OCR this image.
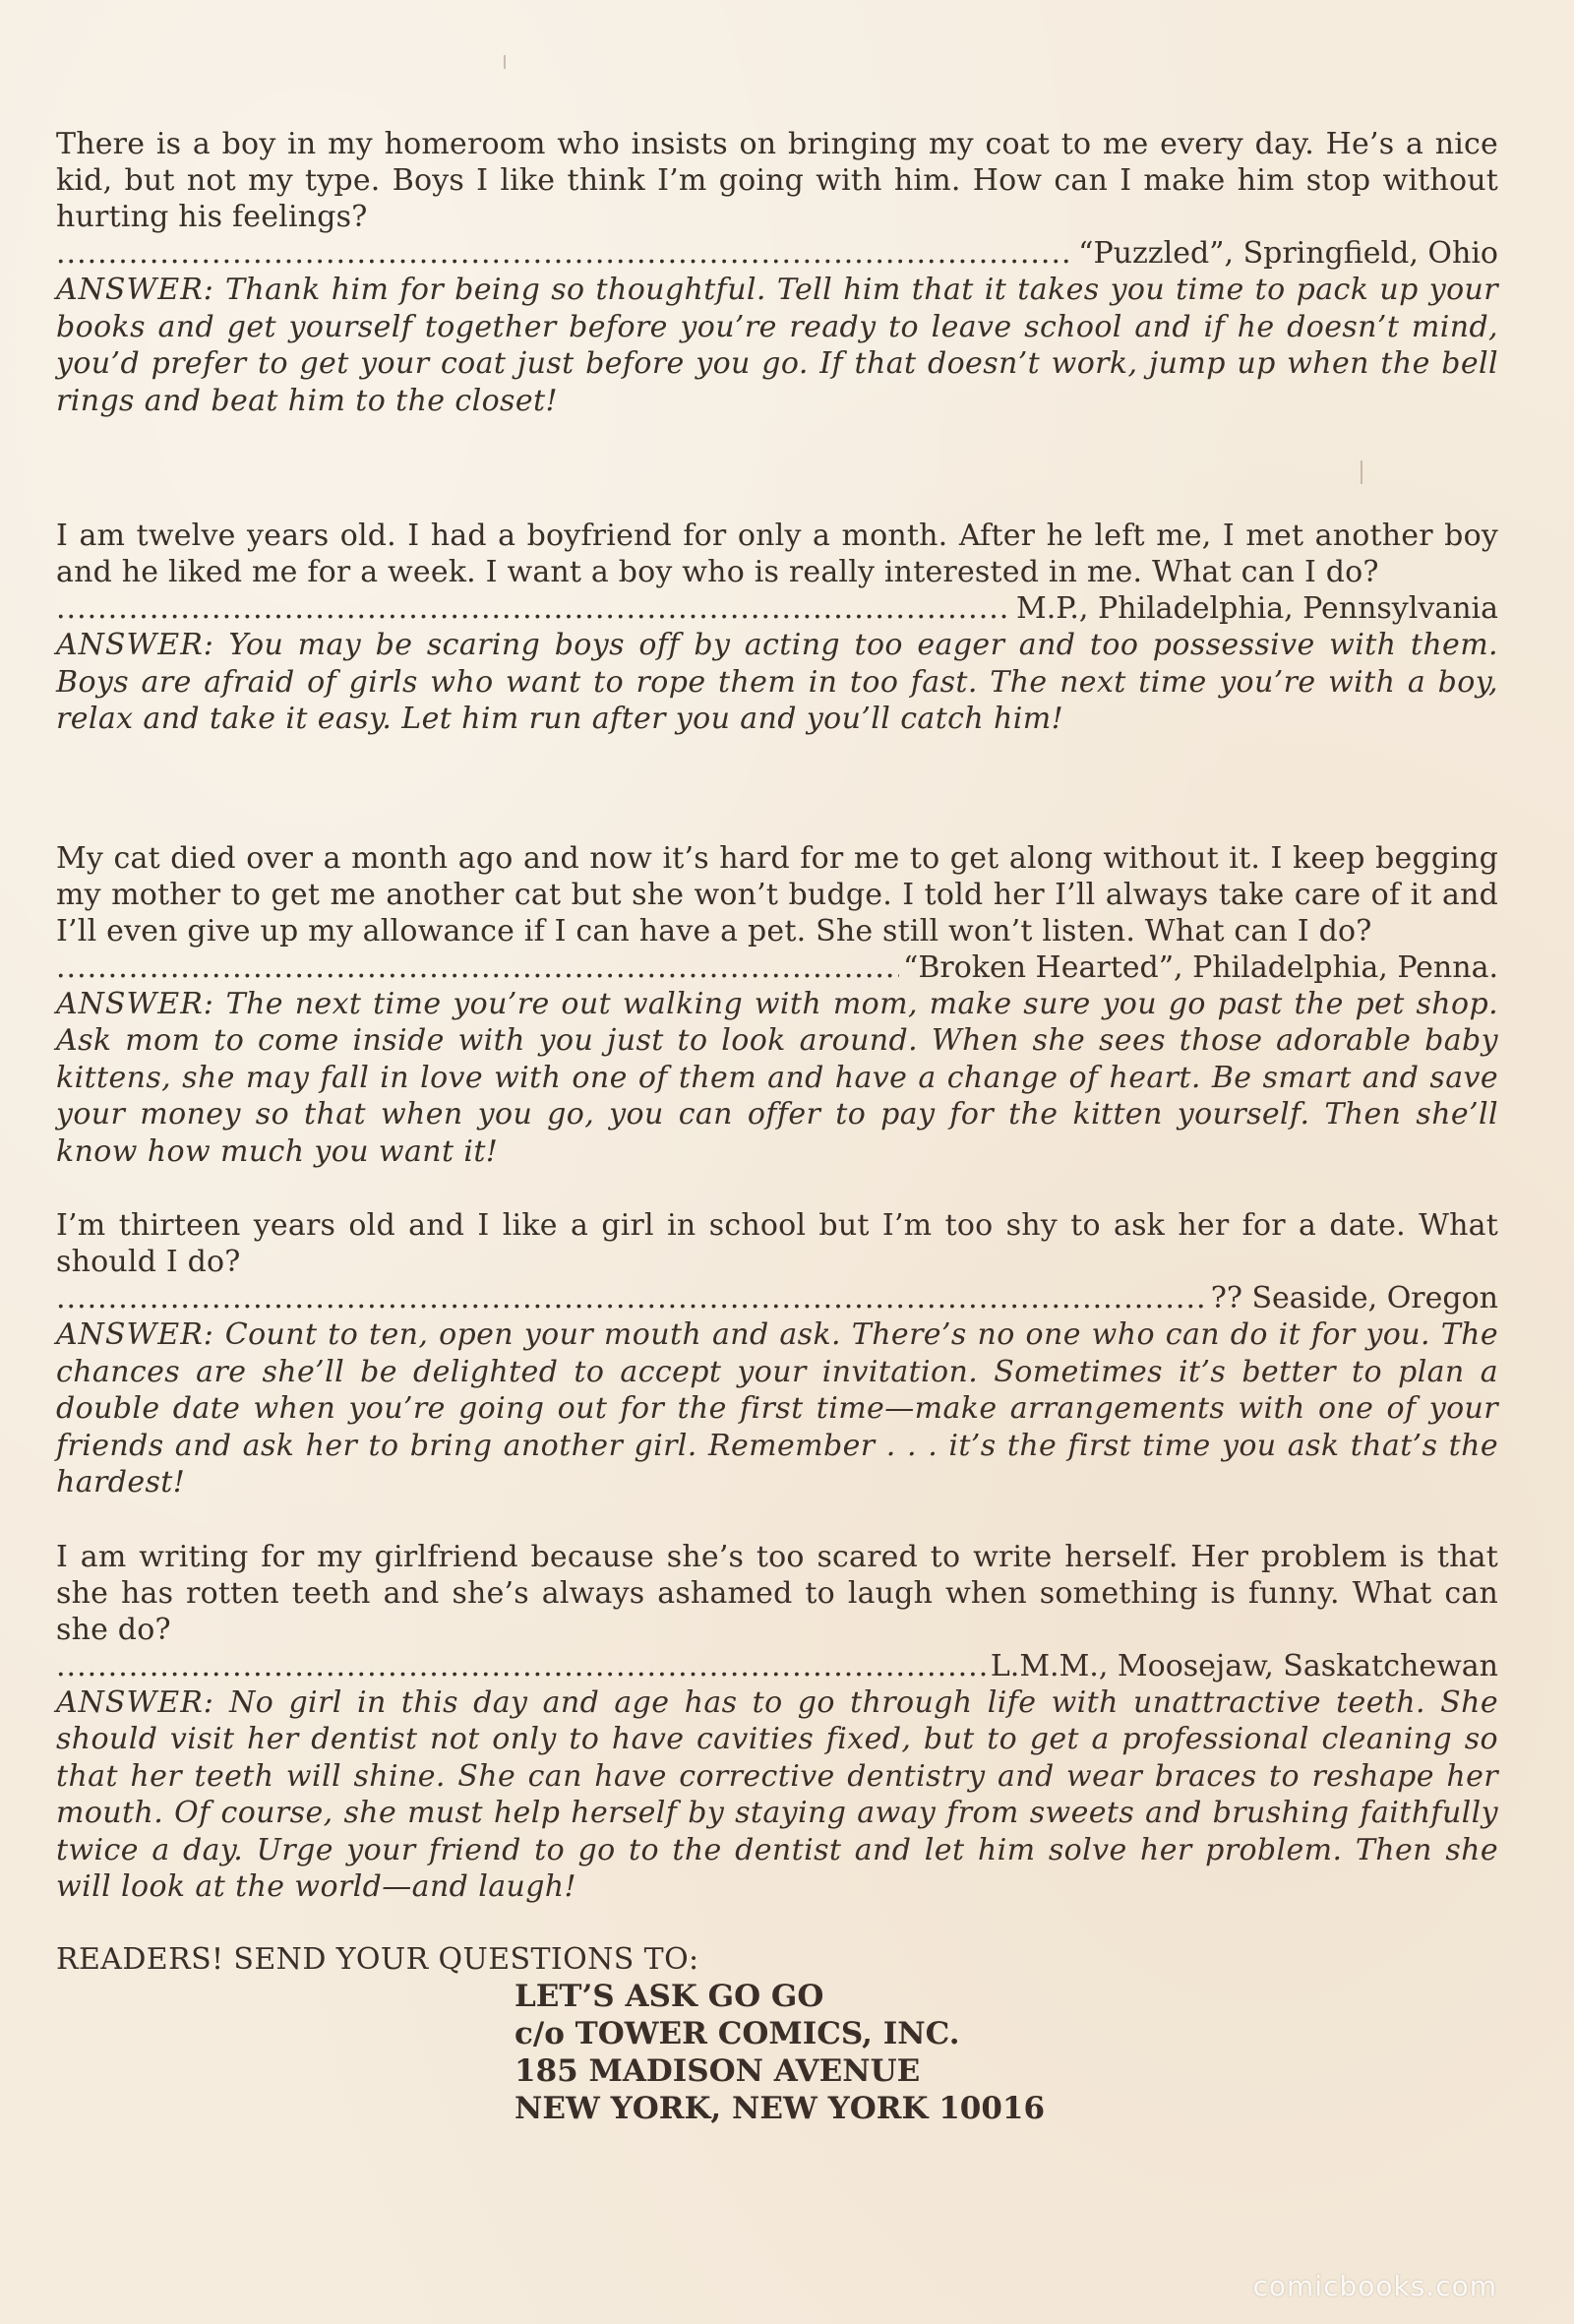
There is a boy in my homeroom who insists on bringing my coat to me every day. He’s a nice kid, but not my type. Boys I like think I’m going with him. How can I make him stop without hurting his feelings?

.....
“Puzzled”, Springfield, Ohio

ANSWER: Thank him for being so thoughtful. Tell him that it takes you time to pack up your books and get yourself together before you’re ready to leave school and if he doesn’t mind, you’d prefer to get your coat just before you go. If that doesn’t work, jump up when the bell rings and beat him to the closet!

I am twelve years old. I had a boyfriend for only a month. After he left me, I met another boy and he liked me for a week. I want a boy who is really interested in me. What can I do?

.....
M.P., Philadelphia, Pennsylvania

ANSWER: You may be scaring boys off by acting too eager and too possessive with them. Boys are afraid of girls who want to rope them in too fast. The next time you’re with a boy, relax and take it easy. Let him run after you and you’ll catch him!

My cat died over a month ago and now it’s hard for me to get along without it. I keep begging my mother to get me another cat but she won’t budge. I told her I’ll always take care of it and I’ll even give up my allowance if I can have a pet. She still won’t listen. What can I do?

.....
“Broken Hearted”, Philadelphia, Penna.

ANSWER: The next time you’re out walking with mom, make sure you go past the pet shop. Ask mom to come inside with you just to look around. When she sees those adorable baby kittens, she may fall in love with one of them and have a change of heart. Be smart and save your money so that when you go, you can offer to pay for the kitten yourself. Then she’ll know how much you want it!

I’m thirteen years old and I like a girl in school but I’m too shy to ask her for a date. What should I do?

.....
?? Seaside, Oregon

ANSWER: Count to ten, open your mouth and ask. There’s no one who can do it for you. The chances are she’ll be delighted to accept your invitation. Sometimes it’s better to plan a double date when you’re going out for the first time—make arrangements with one of your friends and ask her to bring another girl. Remember . . . it’s the first time you ask that’s the hardest!

I am writing for my girlfriend because she’s too scared to write herself. Her problem is that she has rotten teeth and she’s always ashamed to laugh when something is funny. What can she do?

.....
L.M.M., Moosejaw, Saskatchewan

ANSWER: No girl in this day and age has to go through life with unattractive teeth. She should visit her dentist not only to have cavities fixed, but to get a professional cleaning so that her teeth will shine. She can have corrective dentistry and wear braces to reshape her mouth. Of course, she must help herself by staying away from sweets and brushing faithfully twice a day. Urge your friend to go to the dentist and let him solve her problem. Then she will look at the world—and laugh!

READERS! SEND YOUR QUESTIONS TO:

LET’S ASK GO GO
c/o TOWER COMICS, INC.
185 MADISON AVENUE
NEW YORK, NEW YORK 10016
comicbooks.com
